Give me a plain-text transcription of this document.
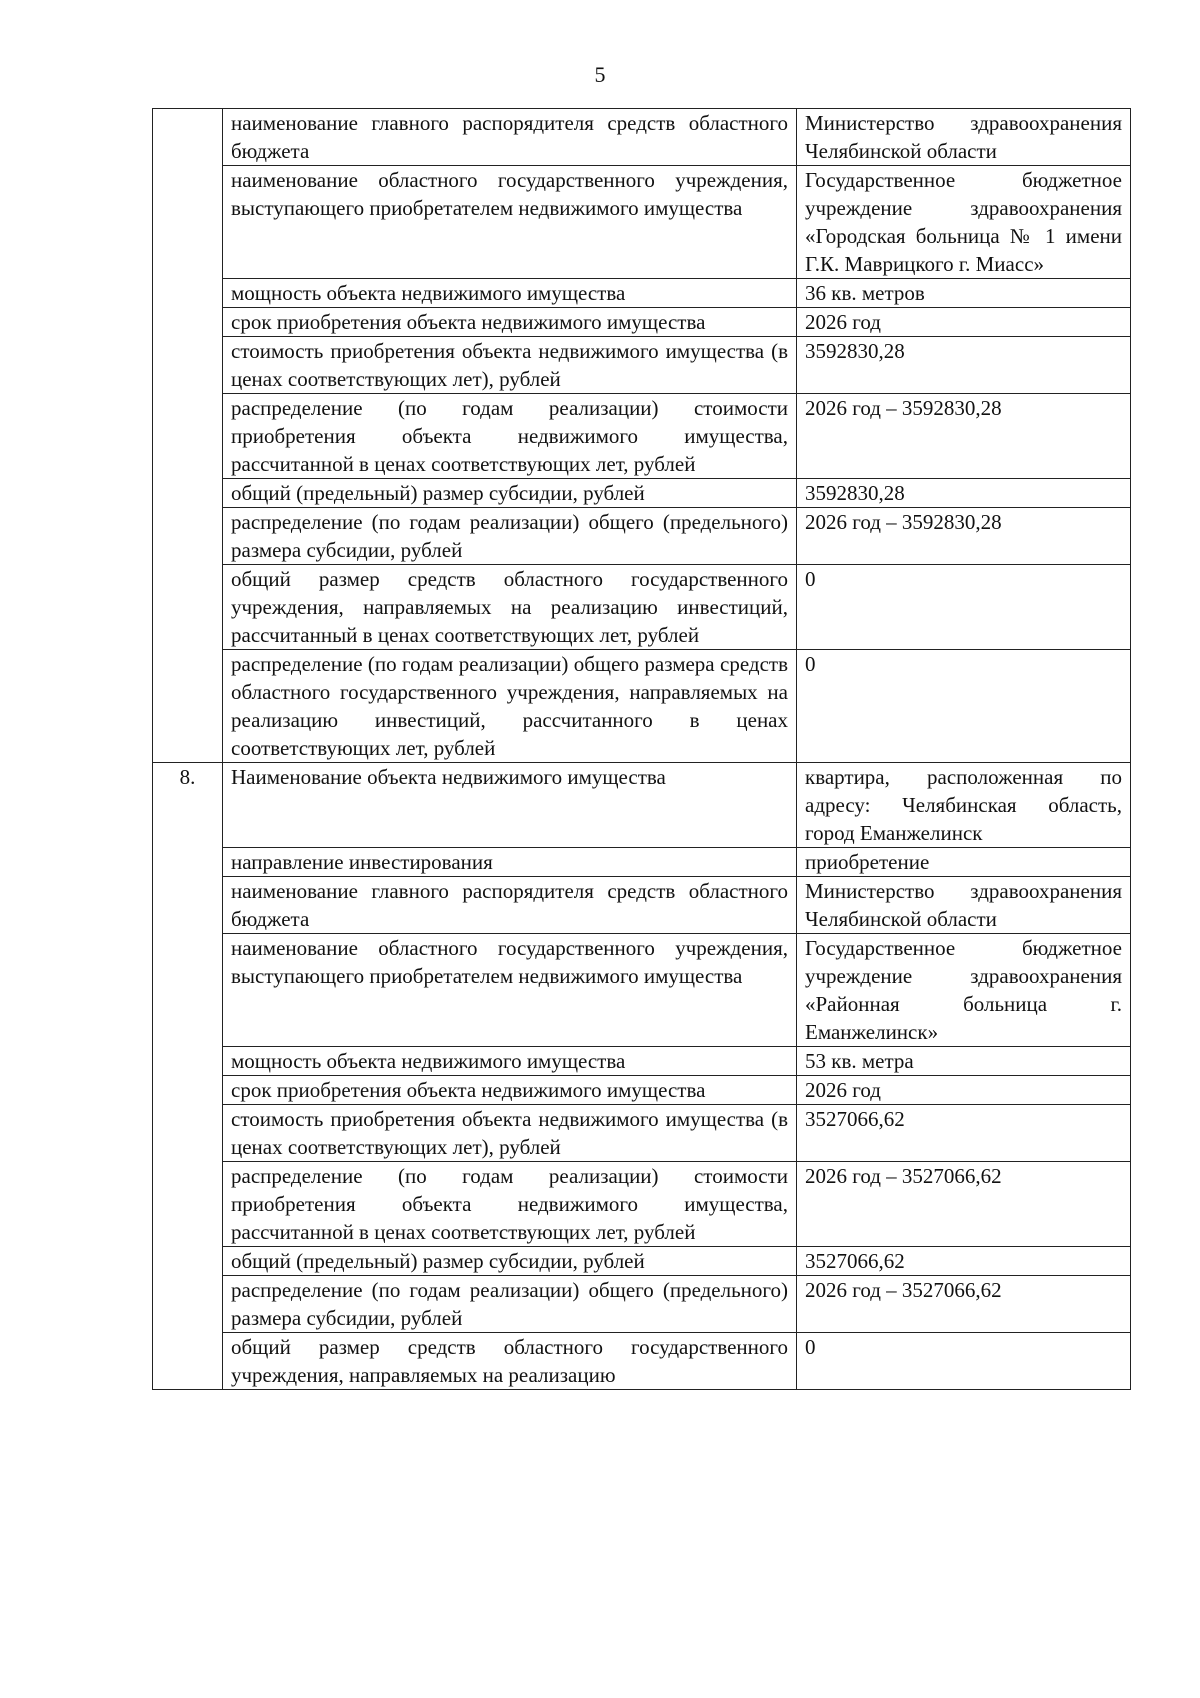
5
	наименование главного распорядителя средств областного бюджета	Министерство здравоохранения Челябинской области
	наименование областного государственного учреждения, выступающего приобретателем недвижимого имущества	Государственное бюджетное учреждение здравоохранения «Городская больница № 1 имени Г.К. Маврицкого г. Миасс»
	мощность объекта недвижимого имущества	36 кв. метров
	срок приобретения объекта недвижимого имущества	2026 год
	стоимость приобретения объекта недвижимого имущества (в ценах соответствующих лет), рублей	3592830,28
	распределение (по годам реализации) стоимости приобретения объекта недвижимого имущества, рассчитанной в ценах соответствующих лет, рублей	2026 год – 3592830,28
	общий (предельный) размер субсидии, рублей	3592830,28
	распределение (по годам реализации) общего (предельного) размера субсидии, рублей	2026 год – 3592830,28
	общий размер средств областного государственного учреждения, направляемых на реализацию инвестиций, рассчитанный в ценах соответствующих лет, рублей	0
	распределение (по годам реализации) общего размера средств областного государственного учреждения, направляемых на реализацию инвестиций, рассчитанного в ценах соответствующих лет, рублей	0
8.	Наименование объекта недвижимого имущества	квартира, расположенная по адресу: Челябинская область, город Еманжелинск
	направление инвестирования	приобретение
	наименование главного распорядителя средств областного бюджета	Министерство здравоохранения Челябинской области
	наименование областного государственного учреждения, выступающего приобретателем недвижимого имущества	Государственное бюджетное учреждение здравоохранения «Районная больница г. Еманжелинск»
	мощность объекта недвижимого имущества	53 кв. метра
	срок приобретения объекта недвижимого имущества	2026 год
	стоимость приобретения объекта недвижимого имущества (в ценах соответствующих лет), рублей	3527066,62
	распределение (по годам реализации) стоимости приобретения объекта недвижимого имущества, рассчитанной в ценах соответствующих лет, рублей	2026 год – 3527066,62
	общий (предельный) размер субсидии, рублей	3527066,62
	распределение (по годам реализации) общего (предельного) размера субсидии, рублей	2026 год – 3527066,62
	общий размер средств областного государственного учреждения, направляемых на реализацию	0
